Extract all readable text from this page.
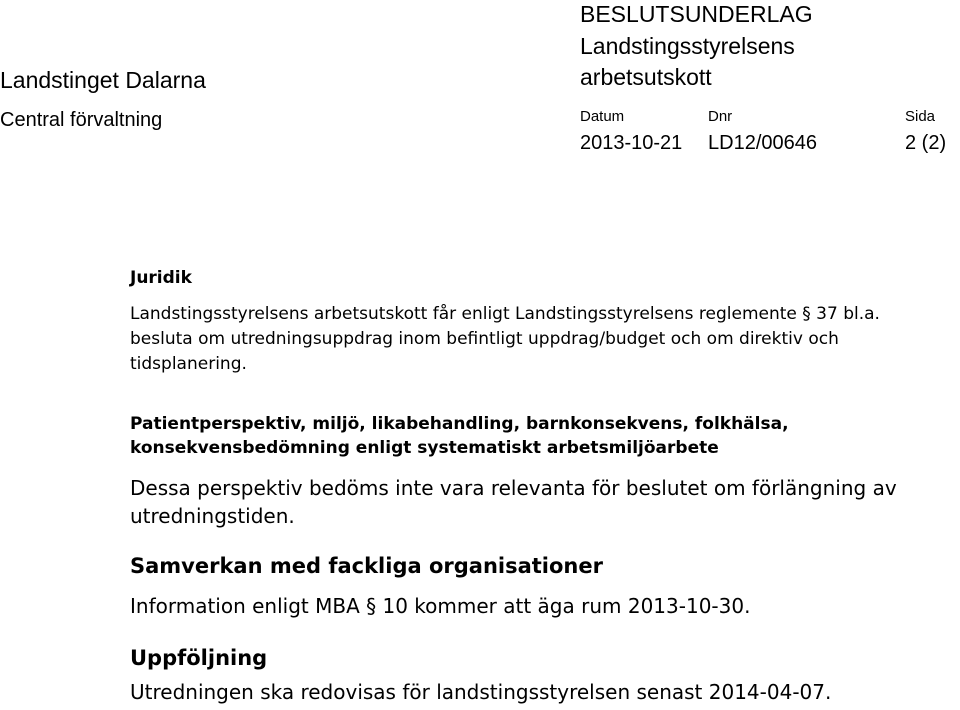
Landstinget Dalarna
Central förvaltning
BESLUTSUNDERLAG
Landstingsstyrelsens
arbetsutskott
Datum
2013-10-21
Dnr
LD12/00646
Sida
2 (2)
Juridik

Landstingsstyrelsens arbetsutskott får enligt Landstingsstyrelsens reglemente § 37 bl.a. besluta om utredningsuppdrag inom befintligt uppdrag/budget och om direktiv och tidsplanering.

Patientperspektiv, miljö, likabehandling, barnkonsekvens, folkhälsa, konsekvensbedömning enligt systematiskt arbetsmiljöarbete

Dessa perspektiv bedöms inte vara relevanta för beslutet om förlängning av utredningstiden.

Samverkan med fackliga organisationer

Information enligt MBA § 10 kommer att äga rum 2013-10-30.

Uppföljning

Utredningen ska redovisas för landstingsstyrelsen senast 2014-04-07.
